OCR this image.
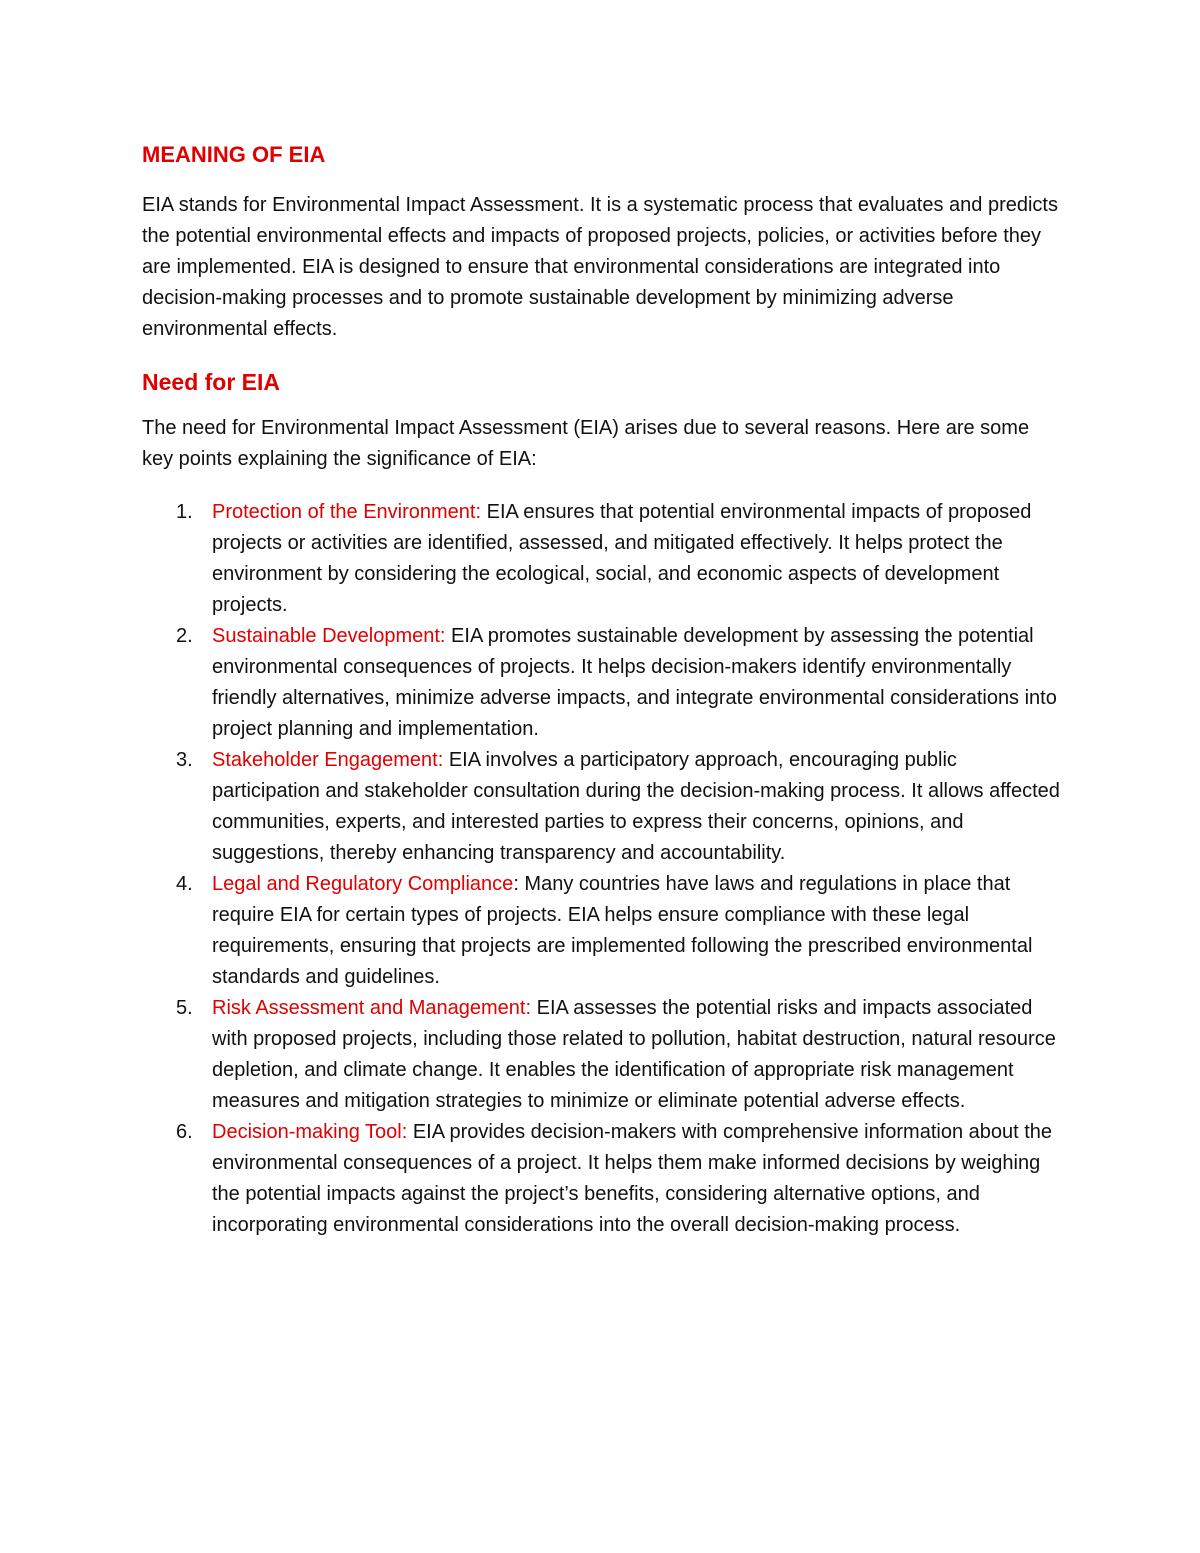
MEANING OF EIA

EIA stands for Environmental Impact Assessment. It is a systematic process that evaluates and predicts the potential environmental effects and impacts of proposed projects, policies, or activities before they are implemented. EIA is designed to ensure that environmental considerations are integrated into decision-making processes and to promote sustainable development by minimizing adverse environmental effects.

Need for EIA

The need for Environmental Impact Assessment (EIA) arises due to several reasons. Here are some key points explaining the significance of EIA:

1. Protection of the Environment: EIA ensures that potential environmental impacts of proposed projects or activities are identified, assessed, and mitigated effectively. It helps protect the environment by considering the ecological, social, and economic aspects of development projects.
2. Sustainable Development: EIA promotes sustainable development by assessing the potential environmental consequences of projects. It helps decision-makers identify environmentally friendly alternatives, minimize adverse impacts, and integrate environmental considerations into project planning and implementation.
3. Stakeholder Engagement: EIA involves a participatory approach, encouraging public participation and stakeholder consultation during the decision-making process. It allows affected communities, experts, and interested parties to express their concerns, opinions, and suggestions, thereby enhancing transparency and accountability.
4. Legal and Regulatory Compliance: Many countries have laws and regulations in place that require EIA for certain types of projects. EIA helps ensure compliance with these legal requirements, ensuring that projects are implemented following the prescribed environmental standards and guidelines.
5. Risk Assessment and Management: EIA assesses the potential risks and impacts associated with proposed projects, including those related to pollution, habitat destruction, natural resource depletion, and climate change. It enables the identification of appropriate risk management measures and mitigation strategies to minimize or eliminate potential adverse effects.
6. Decision-making Tool: EIA provides decision-makers with comprehensive information about the environmental consequences of a project. It helps them make informed decisions by weighing the potential impacts against the project’s benefits, considering alternative options, and incorporating environmental considerations into the overall decision-making process.
